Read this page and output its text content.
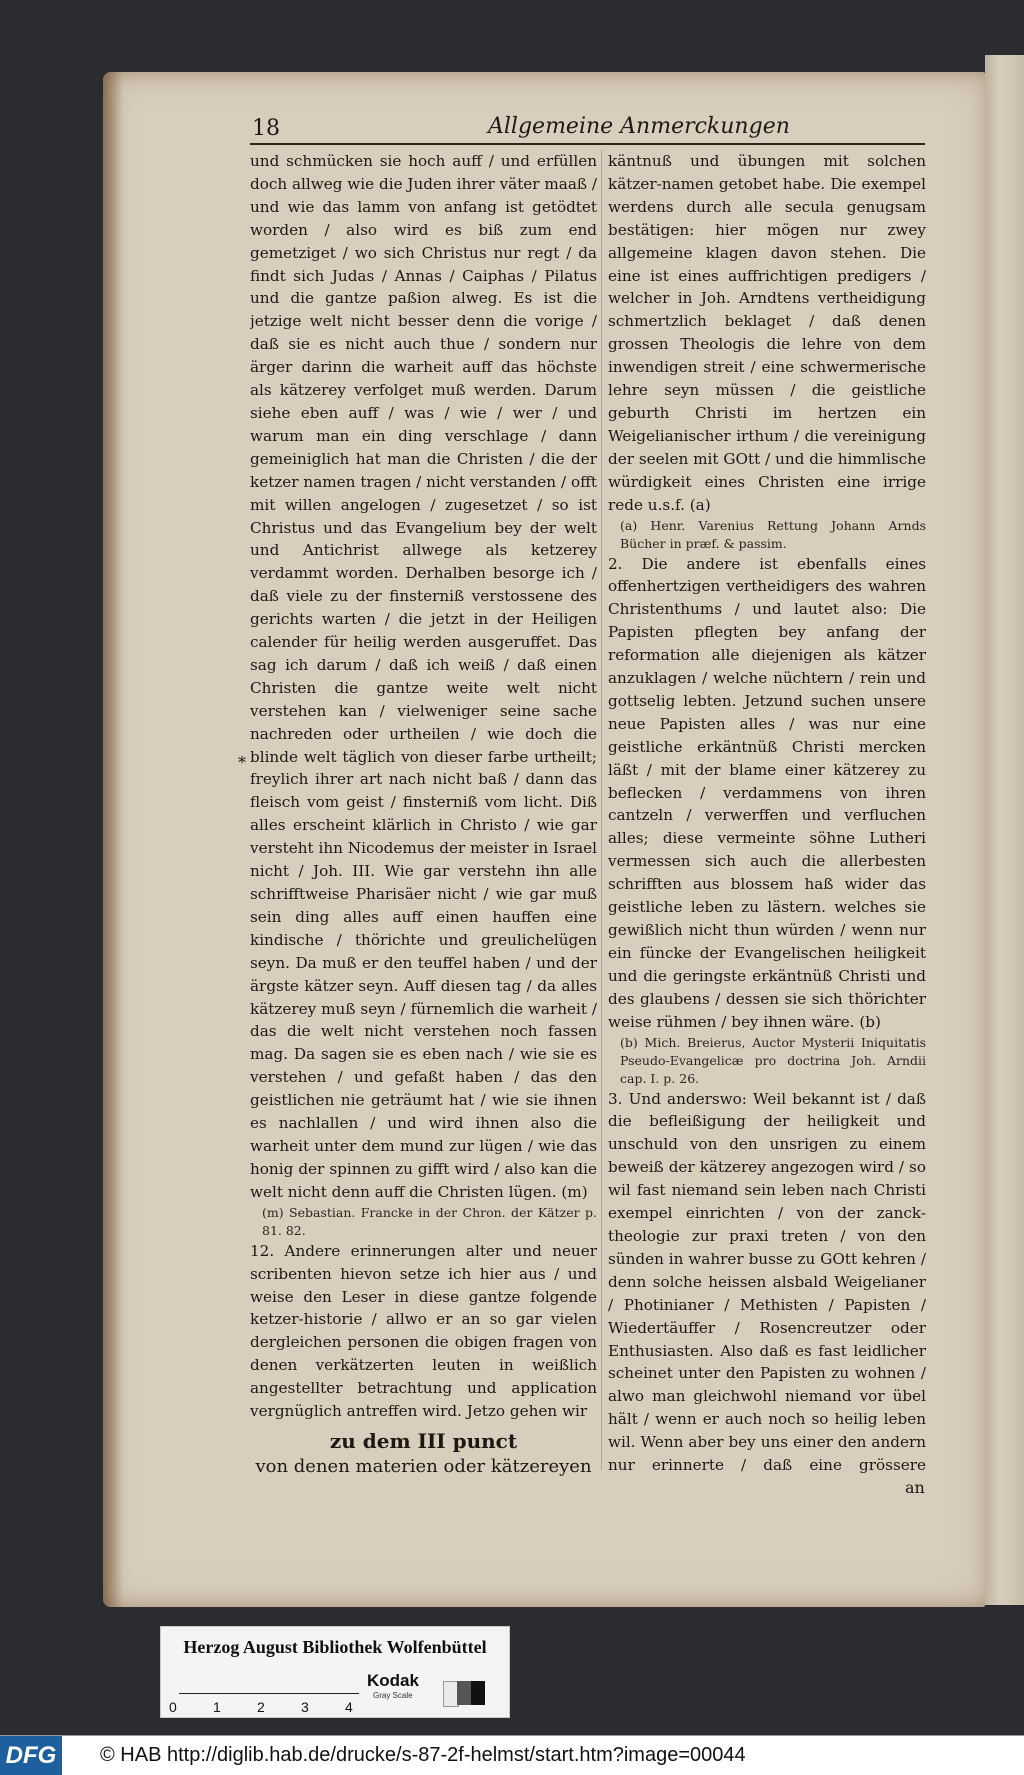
18	Allgemeine Anmerckungen

und schmücken sie hoch auff / und erfüllen doch allweg wie die Juden ihrer väter maaß / und wie das lamm von anfang ist getödtet worden / also wird es biß zum end gemetziget / wo sich Christus nur regt / da findt sich Judas / Annas / Caiphas / Pilatus und die gantze paßion alweg. Es ist die jetzige welt nicht besser denn die vorige / daß sie es nicht auch thue / sondern nur ärger darinn die warheit auff das höchste als kätzerey verfolget muß werden. Darum siehe eben auff / was / wie / wer / und warum man ein ding verschlage / dann gemeiniglich hat man die Christen / die der ketzer namen tragen / nicht verstanden / offt mit willen angelogen / zugesetzet / so ist Christus und das Evangelium bey der welt und Antichrist allwege als ketzerey verdammt worden. Derhalben besorge ich / daß viele zu der finsterniß verstossene des gerichts warten / die jetzt in der Heiligen calender für heilig werden ausgeruffet. Das sag ich darum / daß ich weiß / daß einen Christen die gantze weite welt nicht verstehen kan / vielweniger seine sache nachreden oder urtheilen / wie doch die blinde welt täglich von dieser farbe urtheilt; freylich ihrer art nach nicht baß / dann das fleisch vom geist / finsterniß vom licht. Diß alles erscheint klärlich in Christo / wie gar versteht ihn Nicodemus der meister in Israel nicht / Joh. III. Wie gar verstehn ihn alle schrifftweise Pharisäer nicht / wie gar muß sein ding alles auff einen hauffen eine kindische / thörichte und greulichelügen seyn. Da muß er den teuffel haben / und der ärgste kätzer seyn. Auff diesen tag / da alles kätzerey muß seyn / fürnemlich die warheit / das die welt nicht verstehen noch fassen mag. Da sagen sie es eben nach / wie sie es verstehen / und gefaßt haben / das den geistlichen nie geträumt hat / wie sie ihnen es nachlallen / und wird ihnen also die warheit unter dem mund zur lügen / wie das honig der spinnen zu gifft wird / also kan die welt nicht denn auff die Christen lügen. (m)

(m) Sebastian. Francke in der Chron. der Kätzer p. 81. 82.

12. Andere erinnerungen alter und neuer scribenten hievon setze ich hier aus / und weise den Leser in diese gantze folgende ketzer-historie / allwo er an so gar vielen dergleichen personen die obigen fragen von denen verkätzerten leuten in weißlich angestellter betrachtung und application vergnüglich antreffen wird. Jetzo gehen wir

zu dem III punct
von denen materien oder kätzereyen

*

käntnuß und übungen mit solchen kätzer-namen getobet habe. Die exempel werdens durch alle secula genugsam bestätigen: hier mögen nur zwey allgemeine klagen davon stehen. Die eine ist eines auffrichtigen predigers / welcher in Joh. Arndtens vertheidigung schmertzlich beklaget / daß denen grossen Theologis die lehre von dem inwendigen streit / eine schwermerische lehre seyn müssen / die geistliche geburth Christi im hertzen ein Weigelianischer irthum / die vereinigung der seelen mit GOtt / und die himmlische würdigkeit eines Christen eine irrige rede u.s.f. (a)

(a) Henr. Varenius Rettung Johann Arnds Bücher in præf. & passim.

2. Die andere ist ebenfalls eines offenhertzigen vertheidigers des wahren Christenthums / und lautet also: Die Papisten pflegten bey anfang der reformation alle diejenigen als kätzer anzuklagen / welche nüchtern / rein und gottselig lebten. Jetzund suchen unsere neue Papisten alles / was nur eine geistliche erkäntnüß Christi mercken läßt / mit der blame einer kätzerey zu beflecken / verdammens von ihren cantzeln / verwerffen und verfluchen alles; diese vermeinte söhne Lutheri vermessen sich auch die allerbesten schrifften aus blossem haß wider das geistliche leben zu lästern. welches sie gewißlich nicht thun würden / wenn nur ein füncke der Evangelischen heiligkeit und die geringste erkäntnüß Christi und des glaubens / dessen sie sich thörichter weise rühmen / bey ihnen wäre. (b)

(b) Mich. Breierus, Auctor Mysterii Iniquitatis Pseudo-Evangelicæ pro doctrina Joh. Arndii cap. I. p. 26.

3. Und anderswo: Weil bekannt ist / daß die befleißigung der heiligkeit und unschuld von den unsrigen zu einem beweiß der kätzerey angezogen wird / so wil fast niemand sein leben nach Christi exempel einrichten / von der zanck-theologie zur praxi treten / von den sünden in wahrer busse zu GOtt kehren / denn solche heissen alsbald Weigelianer / Photinianer / Methisten / Papisten / Wiedertäuffer / Rosencreutzer oder Enthusiasten. Also daß es fast leidlicher scheinet unter den Papisten zu wohnen / alwo man gleichwohl niemand vor übel hält / wenn er auch noch so heilig leben wil. Wenn aber bey uns einer den andern nur erinnerte / daß eine grössere

an
Herzog August Bibliothek Wolfenbüttel
0	1	2	3	4
Kodak
Gray Scale
DFG © HAB http://diglib.hab.de/drucke/s-87-2f-helmst/start.htm?image=00044
